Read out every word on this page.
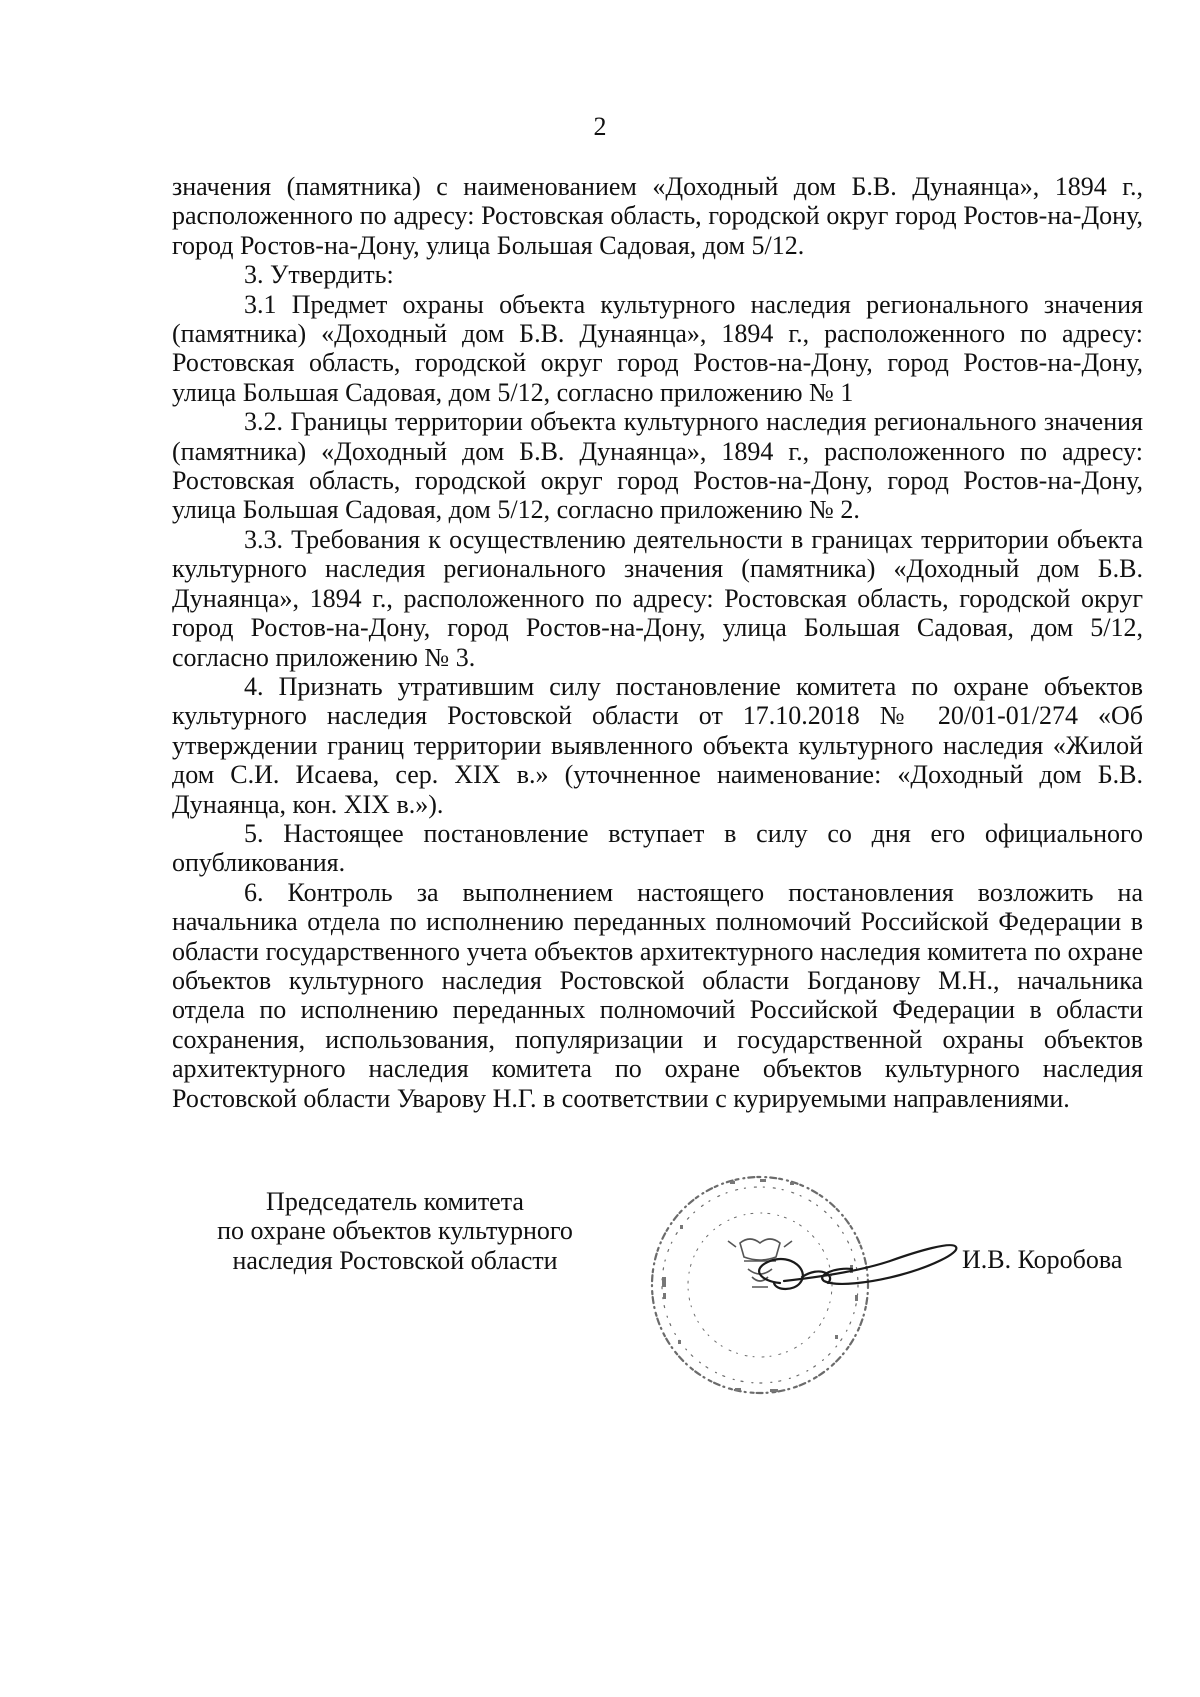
2

значения (памятника) с наименованием «Доходный дом Б.В. Дунаянца», 1894 г., расположенного по адресу: Ростовская область, городской округ город Ростов-на-Дону, город Ростов-на-Дону, улица Большая Садовая, дом 5/12.

3. Утвердить:

3.1 Предмет охраны объекта культурного наследия регионального значения (памятника) «Доходный дом Б.В. Дунаянца», 1894 г., расположенного по адресу: Ростовская область, городской округ город Ростов-на-Дону, город Ростов-на-Дону, улица Большая Садовая, дом 5/12, согласно приложению № 1

3.2. Границы территории объекта культурного наследия регионального значения (памятника) «Доходный дом Б.В. Дунаянца», 1894 г., расположенного по адресу: Ростовская область, городской округ город Ростов-на-Дону, город Ростов-на-Дону, улица Большая Садовая, дом 5/12, согласно приложению № 2.

3.3. Требования к осуществлению деятельности в границах территории объекта культурного наследия регионального значения (памятника) «Доходный дом Б.В. Дунаянца», 1894 г., расположенного по адресу: Ростовская область, городской округ город Ростов-на-Дону, город Ростов-на-Дону, улица Большая Садовая, дом 5/12, согласно приложению № 3.

4. Признать утратившим силу постановление комитета по охране объектов культурного наследия Ростовской области от 17.10.2018 № 20/01-01/274 «Об утверждении границ территории выявленного объекта культурного наследия «Жилой дом С.И. Исаева, сер. XIX в.» (уточненное наименование: «Доходный дом Б.В. Дунаянца, кон. XIX в.»).

5. Настоящее постановление вступает в силу со дня его официального опубликования.

6. Контроль за выполнением настоящего постановления возложить на начальника отдела по исполнению переданных полномочий Российской Федерации в области государственного учета объектов архитектурного наследия комитета по охране объектов культурного наследия Ростовской области Богданову М.Н., начальника отдела по исполнению переданных полномочий Российской Федерации в области сохранения, использования, популяризации и государственной охраны объектов архитектурного наследия комитета по охране объектов культурного наследия Ростовской области Уварову Н.Г. в соответствии с курируемыми направлениями.

Председатель комитета
по охране объектов культурного
наследия Ростовской области	И.В. Коробова
